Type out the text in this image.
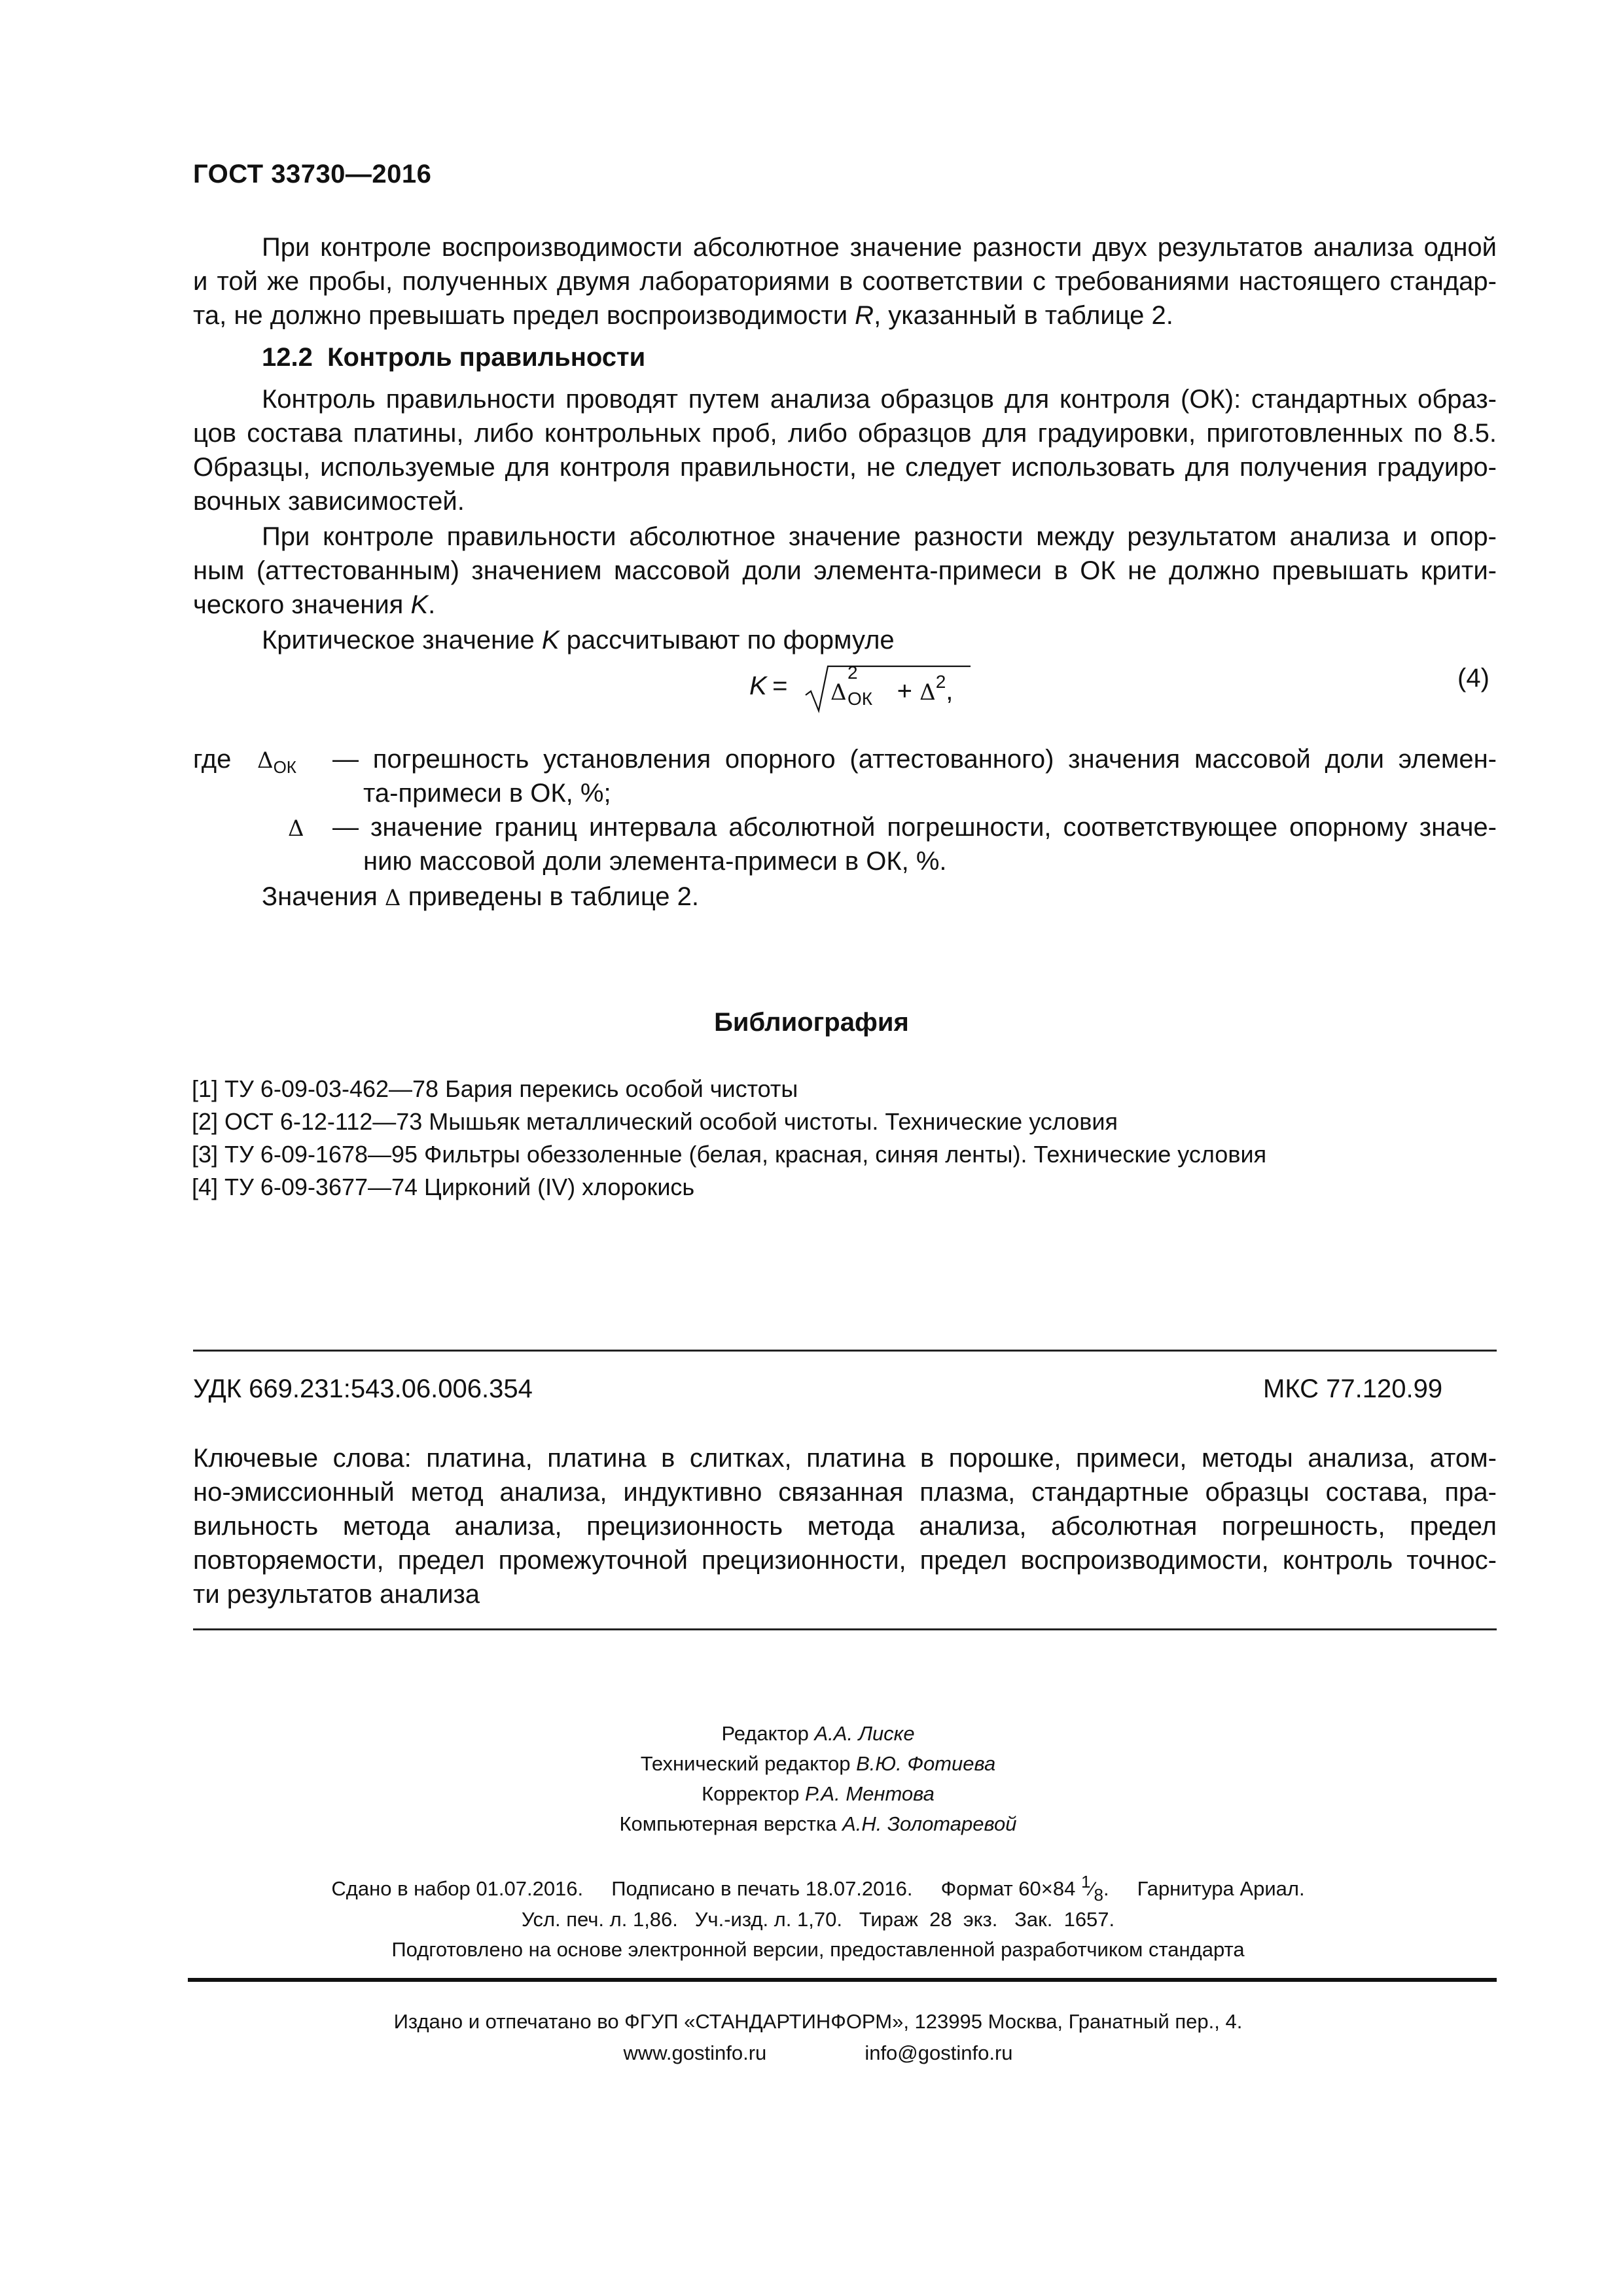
ГОСТ 33730—2016
При контроле воспроизводимости абсолютное значение разности двух результатов анализа одной
и той же пробы, полученных двумя лабораториями в соответствии с требованиями настоящего стандар-
та, не должно превышать предел воспроизводимости R, указанный в таблице 2.
12.2 Контроль правильности
Контроль правильности проводят путем анализа образцов для контроля (ОК): стандартных образ-
цов состава платины, либо контрольных проб, либо образцов для градуировки, приготовленных по 8.5.
Образцы, используемые для контроля правильности, не следует использовать для получения градуиро-
вочных зависимостей.
При контроле правильности абсолютное значение разности между результатом анализа и опор-
ным (аттестованным) значением массовой доли элемента-примеси в ОК не должно превышать крити-
ческого значения K.
Критическое значение K рассчитывают по формуле
K
= Δ
2
ОК + $\Delta^2$,	(4)
где $\Delta_{ОК}$ — погрешность установления опорного (аттестованного) значения массовой доли элемен-
та-примеси в ОК, %;
Δ — значение границ интервала абсолютной погрешности, соответствующее опорному значе-
нию массовой доли элемента-примеси в ОК, %.
Значения Δ приведены в таблице 2.
Библиография
[1] ТУ 6-09-03-462—78 Бария перекись особой чистоты
[2] ОСТ 6-12-112—73 Мышьяк металлический особой чистоты. Технические условия
[3] ТУ 6-09-1678—95 Фильтры обеззоленные (белая, красная, синяя ленты). Технические условия
[4] ТУ 6-09-3677—74 Цирконий (IV) хлорокись
УДК 669.231:543.06.006.354	МКС 77.120.99
Ключевые слова: платина, платина в слитках, платина в порошке, примеси, методы анализа, атом-
но-эмиссионный метод анализа, индуктивно связанная плазма, стандартные образцы состава, пра-
вильность метода анализа, прецизионность метода анализа, абсолютная погрешность, предел
повторяемости, предел промежуточной прецизионности, предел воспроизводимости, контроль точнос-
ти результатов анализа
Редактор А.А. Лиске
Технический редактор В.Ю. Фотиева
Корректор Р.А. Ментова
Компьютерная верстка А.Н. Золотаревой
Сдано в набор 01.07.2016. Подписано в печать 18.07.2016. Формат 60×84 $^1⁄_8$. Гарнитура Ариал.
Усл. печ. л. 1,86.   Уч.-изд. л. 1,70.   Тираж  28  экз.   Зак.  1657.
Подготовлено на основе электронной версии, предоставленной разработчиком стандарта
Издано и отпечатано во ФГУП «СТАНДАРТИНФОРМ», 123995 Москва, Гранатный пер., 4.
www.gostinfo.ru	info@gostinfo.ru
